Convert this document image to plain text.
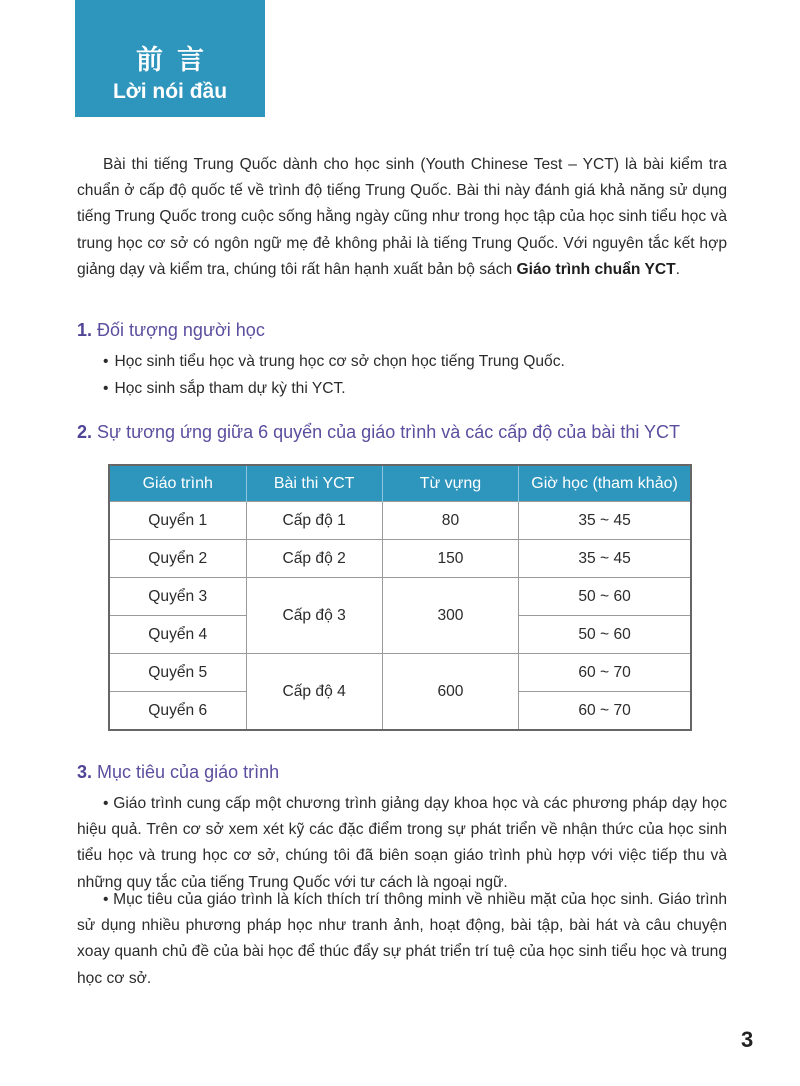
前言
Lời nói đầu
Bài thi tiếng Trung Quốc dành cho học sinh (Youth Chinese Test – YCT) là bài kiểm tra chuẩn ở cấp độ quốc tế về trình độ tiếng Trung Quốc. Bài thi này đánh giá khả năng sử dụng tiếng Trung Quốc trong cuộc sống hằng ngày cũng như trong học tập của học sinh tiểu học và trung học cơ sở có ngôn ngữ mẹ đẻ không phải là tiếng Trung Quốc. Với nguyên tắc kết hợp giảng dạy và kiểm tra, chúng tôi rất hân hạnh xuất bản bộ sách Giáo trình chuẩn YCT.
1. Đối tượng người học
• Học sinh tiểu học và trung học cơ sở chọn học tiếng Trung Quốc.
• Học sinh sắp tham dự kỳ thi YCT.
2. Sự tương ứng giữa 6 quyển của giáo trình và các cấp độ của bài thi YCT
Giáo trình	Bài thi YCT	Từ vựng	Giờ học (tham khảo)
Quyển 1	Cấp độ 1	80	35 ~ 45
Quyển 2	Cấp độ 2	150	35 ~ 45
Quyển 3	Cấp độ 3	300	50 ~ 60
Quyển 4			50 ~ 60
Quyển 5	Cấp độ 4	600	60 ~ 70
Quyển 6			60 ~ 70
3. Mục tiêu của giáo trình
• Giáo trình cung cấp một chương trình giảng dạy khoa học và các phương pháp dạy học hiệu quả. Trên cơ sở xem xét kỹ các đặc điểm trong sự phát triển về nhận thức của học sinh tiểu học và trung học cơ sở, chúng tôi đã biên soạn giáo trình phù hợp với việc tiếp thu và những quy tắc của tiếng Trung Quốc với tư cách là ngoại ngữ.
• Mục tiêu của giáo trình là kích thích trí thông minh về nhiều mặt của học sinh. Giáo trình sử dụng nhiều phương pháp học như tranh ảnh, hoạt động, bài tập, bài hát và câu chuyện xoay quanh chủ đề của bài học để thúc đẩy sự phát triển trí tuệ của học sinh tiểu học và trung học cơ sở.
3
